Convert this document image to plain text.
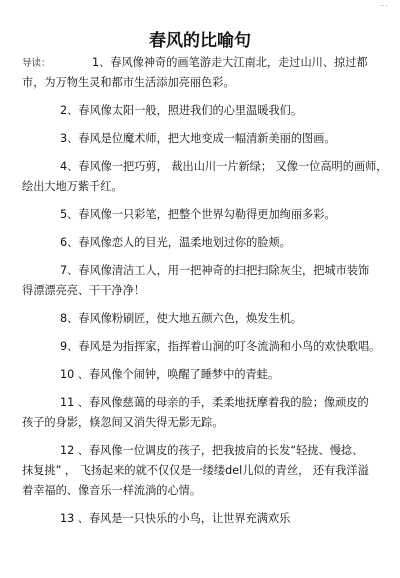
...
春风的比喻句
导读：	1、春风像神奇的画笔游走大江南北，走过山川、掠过都
市，为万物生灵和都市生活添加亮丽色彩。
2、春风像太阳一般，照进我们的心里温暖我们。
3、春风是位魔术师，把大地变成一幅清新美丽的图画。
4、春风像一把巧剪， 裁出山川一片新绿； 又像一位高明的画师，
绘出大地万紫千红。
5、春风像一只彩笔，把整个世界勾勒得更加绚丽多彩。
6、春风像恋人的目光，温柔地划过你的脸颊。
7、春风像清洁工人，用一把神奇的扫把扫除灰尘，把城市装饰
得漂漂亮亮、干干净净！
8、春风像粉刷匠，使大地五颜六色，焕发生机。
9、春风是为指挥家，指挥着山涧的叮冬流淌和小鸟的欢快歌唱。
10 、春风像个闹钟，唤醒了睡梦中的青蛙。
11 、春风像慈蔼的母亲的手，柔柔地抚摩着我的脸；像顽皮的
孩子的身影，倏忽间又消失得无影无踪。
12 、春风像一位调皮的孩子，把我披肩的长发“轻拢、慢捻、
抹复挑” ， 飞扬起来的就不仅仅是一缕缕del儿似的青丝， 还有我洋溢
着幸福的、像音乐一样流淌的心情。
13 、春风是一只快乐的小鸟，让世界充满欢乐
